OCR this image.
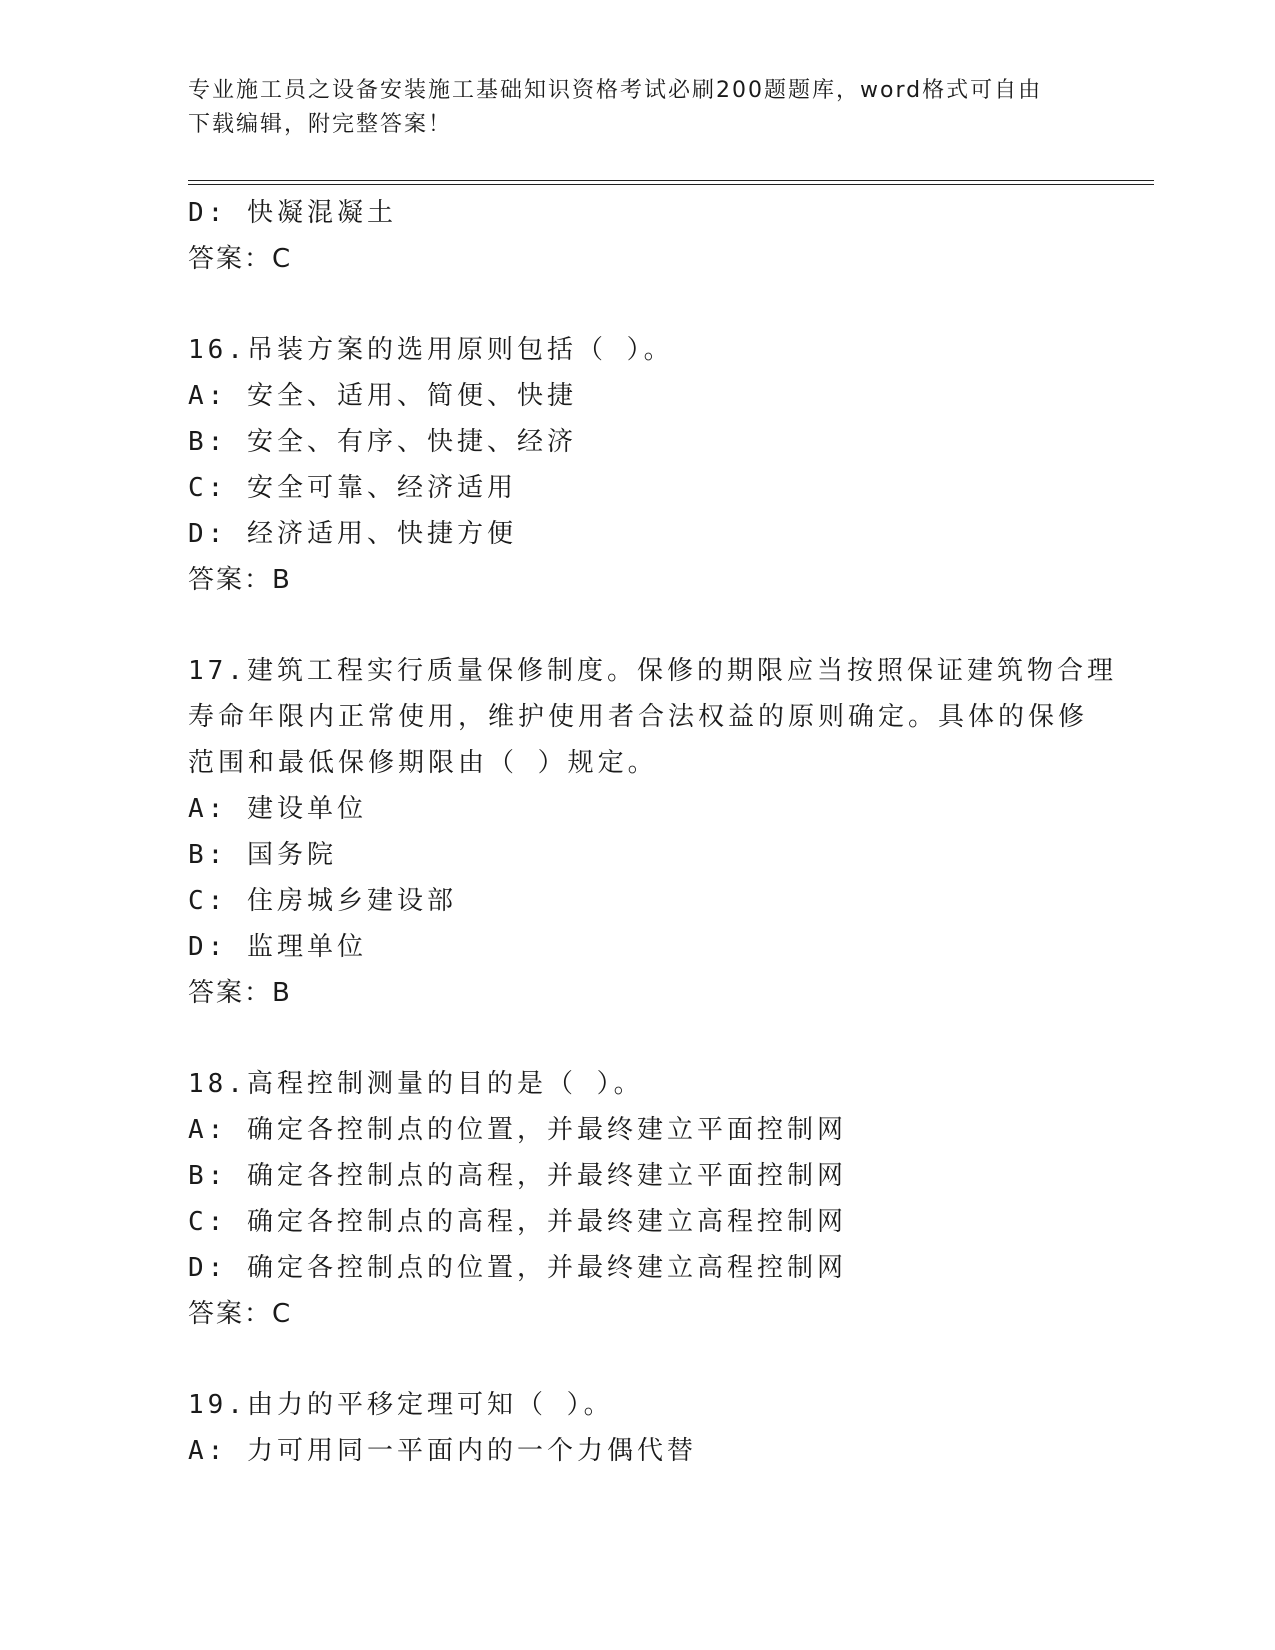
专业施工员之设备安装施工基础知识资格考试必刷200题题库，word格式可自由
下载编辑，附完整答案！
D: 快凝混凝土
答案：C
16.吊装方案的选用原则包括（ ）。
A: 安全、适用、简便、快捷
B: 安全、有序、快捷、经济
C: 安全可靠、经济适用
D: 经济适用、快捷方便
答案：B
17.建筑工程实行质量保修制度。保修的期限应当按照保证建筑物合理
寿命年限内正常使用，维护使用者合法权益的原则确定。具体的保修
范围和最低保修期限由（ ）规定。
A: 建设单位
B: 国务院
C: 住房城乡建设部
D: 监理单位
答案：B
18.高程控制测量的目的是（ ）。
A: 确定各控制点的位置，并最终建立平面控制网
B: 确定各控制点的高程，并最终建立平面控制网
C: 确定各控制点的高程，并最终建立高程控制网
D: 确定各控制点的位置，并最终建立高程控制网
答案：C
19.由力的平移定理可知（ ）。
A: 力可用同一平面内的一个力偶代替
